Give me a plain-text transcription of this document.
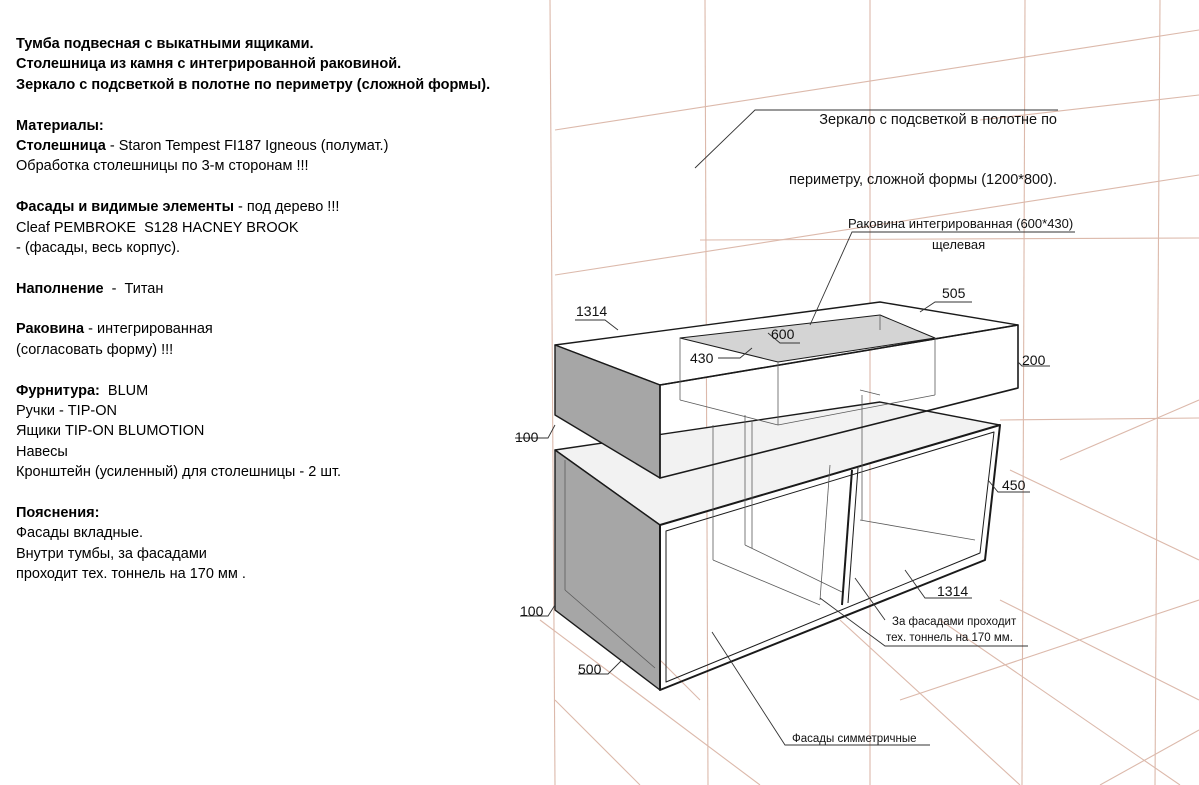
Тумба подвесная с выкатными ящиками.
Столешница из камня с интегрированной раковиной.
Зеркало с подсветкой в полотне по периметру (сложной формы).
Материалы:
Столешница - Staron Tempest FI187 Igneous (полумат.)
Обработка столешницы по 3-м сторонам !!!
Фасады и видимые элементы - под дерево !!!
Cleaf PEMBROKE  S128 HACNEY BROOK
- (фасады, весь корпус).
Наполнение  -  Титан
Раковина - интегрированная
(согласовать форму) !!!
Фурнитура:  BLUM
Ручки - TIP-ON
Ящики TIP-ON BLUMOTION
Навесы
Кронштейн (усиленный) для столешницы - 2 шт.
Пояснения:
Фасады вкладные.
Внутри тумбы, за фасадами
проходит тех. тоннель на 170 мм .

Зеркало с подсветкой в полотне по

периметру, сложной формы (1200*800).

Раковина интегрированная (600*430)
щелевая
1314
505
600
430	200
100
450
1314
100
500
За фасадами проходит
тех. тоннель на 170 мм.
Фасады симметричные
